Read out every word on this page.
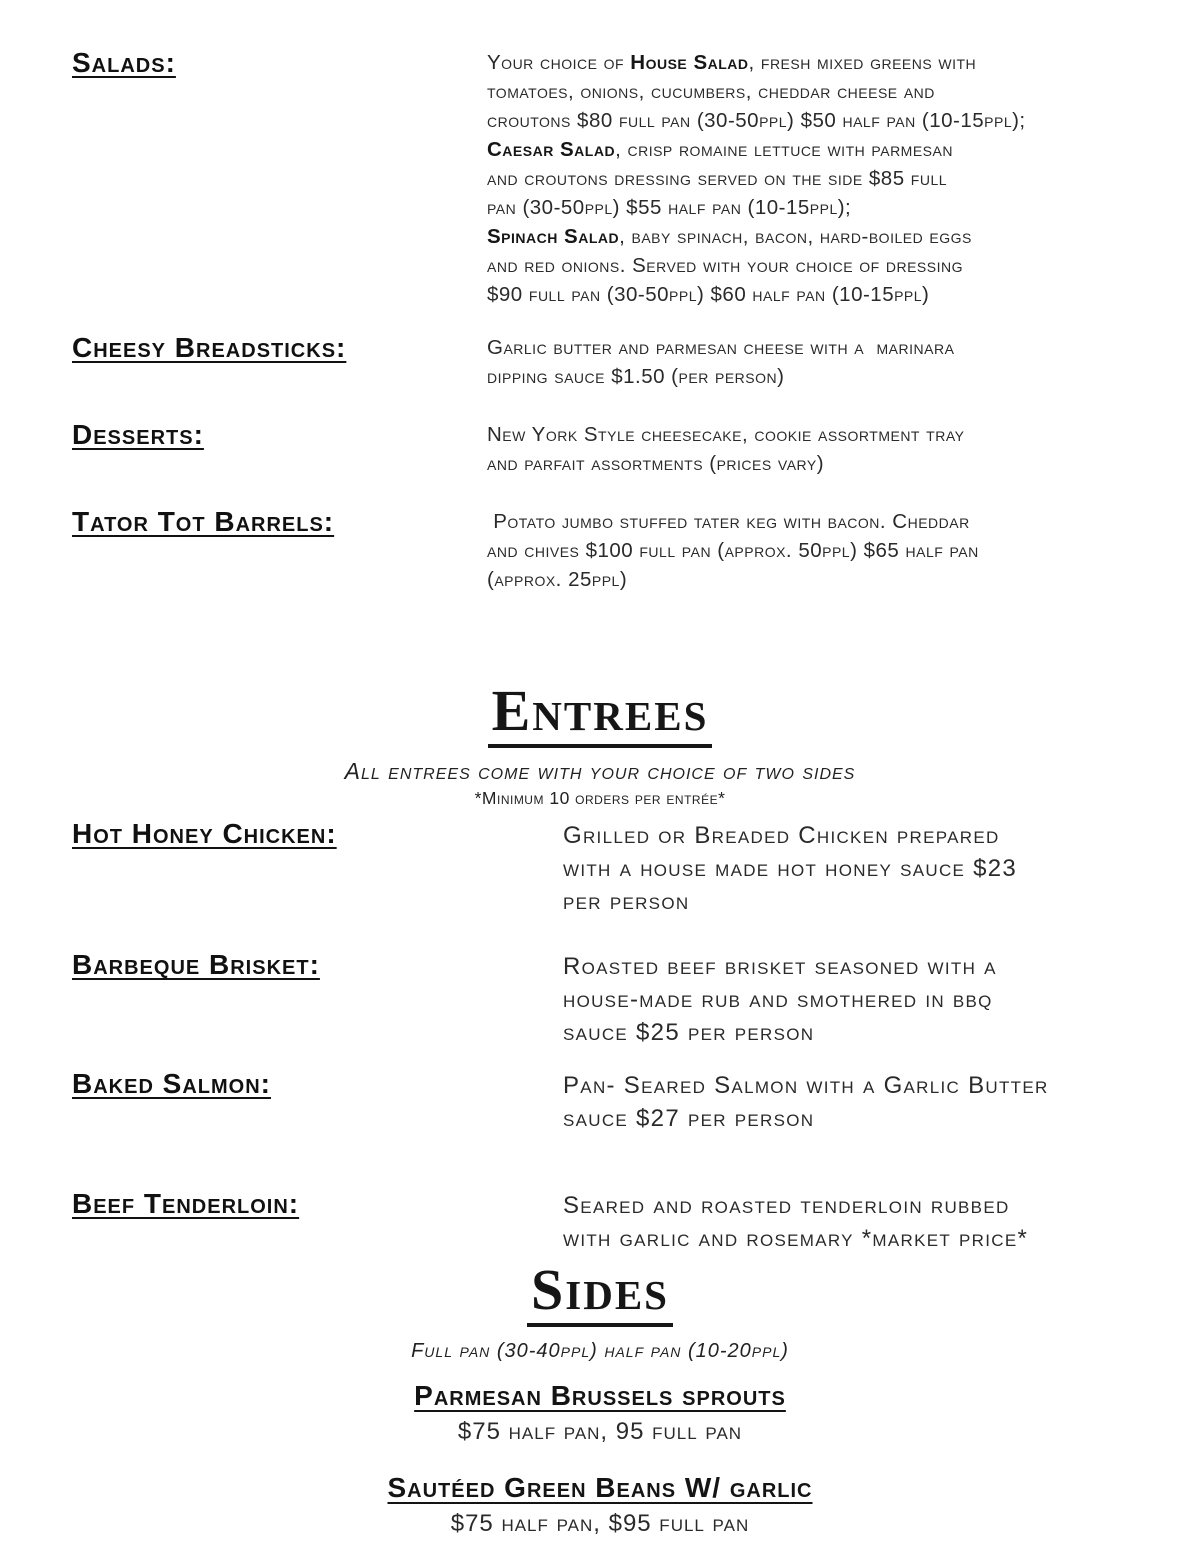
Salads:	Your choice of House Salad, fresh mixed greens with
tomatoes, onions, cucumbers, cheddar cheese and
croutons $80 full pan (30-50ppl) $50 half pan (10-15ppl);
Caesar Salad, crisp romaine lettuce with parmesan
and croutons dressing served on the side $85 full
pan (30-50ppl) $55 half pan (10-15ppl);
Spinach Salad, baby spinach, bacon, hard-boiled eggs
and red onions. Served with your choice of dressing
$90 full pan (30-50ppl) $60 half pan (10-15ppl)
Cheesy Breadsticks:	Garlic butter and parmesan cheese with a  marinara
dipping sauce $1.50 (per person)
Desserts:	New York Style cheesecake, cookie assortment tray
and parfait assortments (prices vary)
Tator Tot Barrels:	Potato jumbo stuffed tater keg with bacon. Cheddar
and chives $100 full pan (approx. 50ppl) $65 half pan
(approx. 25ppl)
Entrees
All entrees come with your choice of two sides
*Minimum 10 orders per entrée*
Hot Honey Chicken:	Grilled or Breaded Chicken prepared
with a house made hot honey sauce $23
per person
Barbeque Brisket:	Roasted beef brisket seasoned with a
house-made rub and smothered in bbq
sauce $25 per person
Baked Salmon:	Pan- Seared Salmon with a Garlic Butter
sauce $27 per person
Beef Tenderloin:	Seared and roasted tenderloin rubbed
with garlic and rosemary *market price*
Sides
Full pan (30-40ppl) half pan (10-20ppl)
Parmesan Brussels sprouts
$75 half pan, 95 full pan
Sautéed Green Beans W/ garlic
$75 half pan, $95 full pan
